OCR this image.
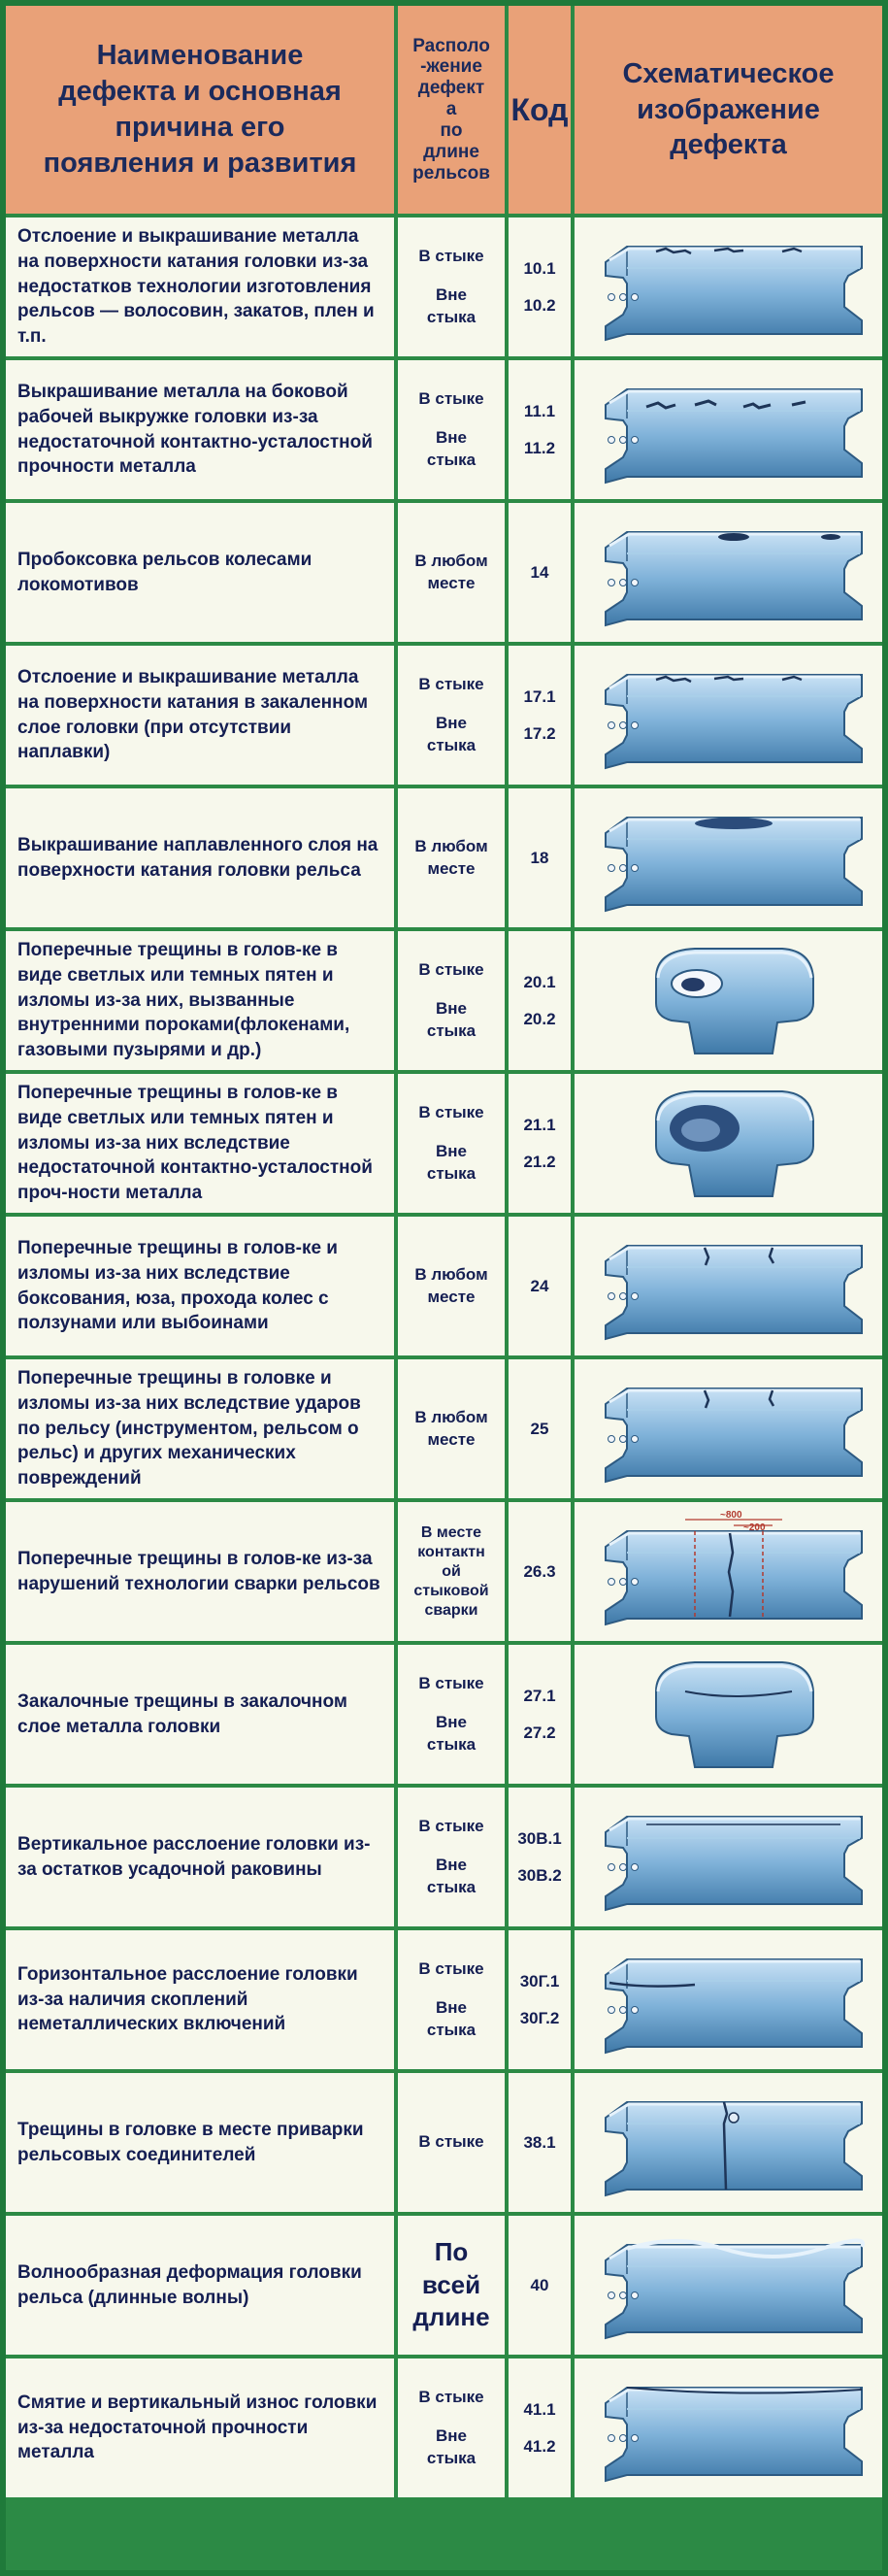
Наименование
дефекта и основная
причина его
появления и развития
Располо
-жение
дефект
а
по
длине
рельсов
Код
Схематическое
изображение
дефекта
Отслоение и выкрашивание металла на поверхности катания головки из-за недостатков технологии изготовления рельсов — волосовин, закатов, плен и т.п.
В стыке
Вне стыка
10.1
10.2
Выкрашивание металла на боковой рабочей выкружке головки из-за недостаточной контактно-усталостной прочности металла
В стыке
Вне стыка
11.1
11.2
Пробоксовка рельсов колесами локомотивов
В любом месте
14
Отслоение и выкрашивание металла на поверхности катания в закаленном слое головки (при отсутствии наплавки)
В стыке
Вне стыка
17.1
17.2
Выкрашивание наплавленного слоя на поверхности катания головки рельса
В любом месте
18
Поперечные трещины в голов-ке в виде светлых или темных пятен и изломы из-за них, вызванные внутренними пороками(флокенами, газовыми пузырями и др.)
В стыке
Вне стыка
20.1
20.2
Поперечные трещины в голов-ке в виде светлых или темных пятен и изломы из-за них вследствие недостаточной контактно-усталостной проч-ности металла
В стыке
Вне стыка
21.1
21.2
Поперечные трещины в голов-ке и изломы из-за них вследствие боксования, юза, прохода колес с ползунами или выбоинами
В любом месте
24
Поперечные трещины в головке и изломы из-за них вследствие ударов по рельсу (инструментом, рельсом о рельс) и других механических повреждений
В любом месте
25
Поперечные трещины в голов-ке из-за нарушений технологии сварки рельсов
В месте контактн ой стыковой сварки
26.3
~800
~200
Закалочные трещины в закалочном слое металла головки
В стыке
Вне стыка
27.1
27.2
Вертикальное расслоение головки из-за остатков усадочной раковины
В стыке
Вне стыка
30В.1
30В.2
Горизонтальное расслоение головки из-за наличия скоплений неметаллических включений
В стыке
Вне стыка
30Г.1
30Г.2
Трещины в головке в месте приварки рельсовых соединителей
В стыке 38.1
Волнообразная деформация головки рельса (длинные волны)
По всей длине
40
Смятие и вертикальный износ головки из-за недостаточной прочности металла
В стыке
Вне стыка
41.1
41.2
